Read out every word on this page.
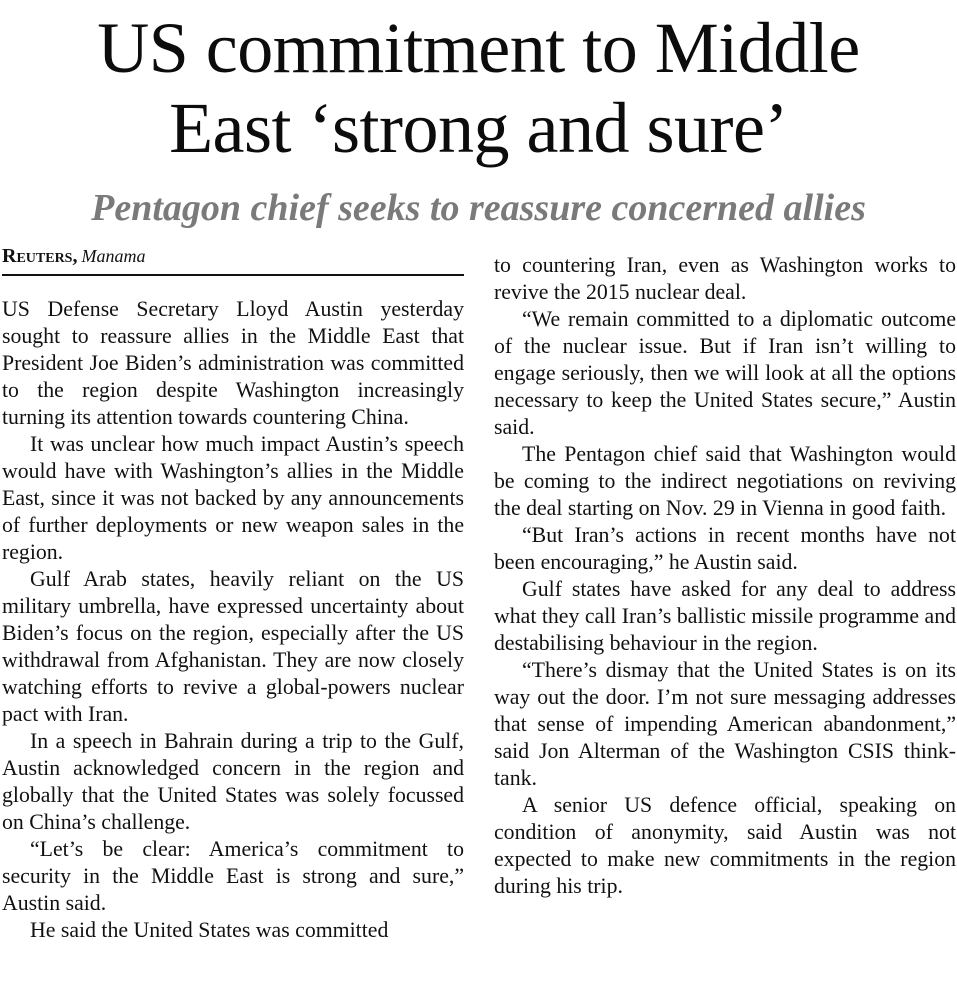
US commitment to Middle
East ‘strong and sure’
Pentagon chief seeks to reassure concerned allies
Reuters, Manama

US Defense Secretary Lloyd Austin yesterday sought to reassure allies in the Middle East that President Joe Biden’s administration was committed to the region despite Washington increasingly turning its attention towards countering China.

It was unclear how much impact Austin’s speech would have with Washington’s allies in the Middle East, since it was not backed by any announcements of further deployments or new weapon sales in the region.

Gulf Arab states, heavily reliant on the US military umbrella, have expressed uncertainty about Biden’s focus on the region, especially after the US withdrawal from Afghanistan. They are now closely watching efforts to revive a global-powers nuclear pact with Iran.

In a speech in Bahrain during a trip to the Gulf, Austin acknowledged concern in the region and globally that the United States was solely focussed on China’s challenge.

“Let’s be clear: America’s commitment to security in the Middle East is strong and sure,” Austin said.

He said the United States was committed

to countering Iran, even as Washington works to revive the 2015 nuclear deal.

“We remain committed to a diplomatic outcome of the nuclear issue. But if Iran isn’t willing to engage seriously, then we will look at all the options necessary to keep the United States secure,” Austin said.

The Pentagon chief said that Washington would be coming to the indirect negotiations on reviving the deal starting on Nov. 29 in Vienna in good faith.

“But Iran’s actions in recent months have not been encouraging,” he Austin said.

Gulf states have asked for any deal to address what they call Iran’s ballistic missile programme and destabilising behaviour in the region.

“There’s dismay that the United States is on its way out the door. I’m not sure messaging addresses that sense of impending American abandonment,” said Jon Alterman of the Washington CSIS think-tank.

A senior US defence official, speaking on condition of anonymity, said Austin was not expected to make new commitments in the region during his trip.
